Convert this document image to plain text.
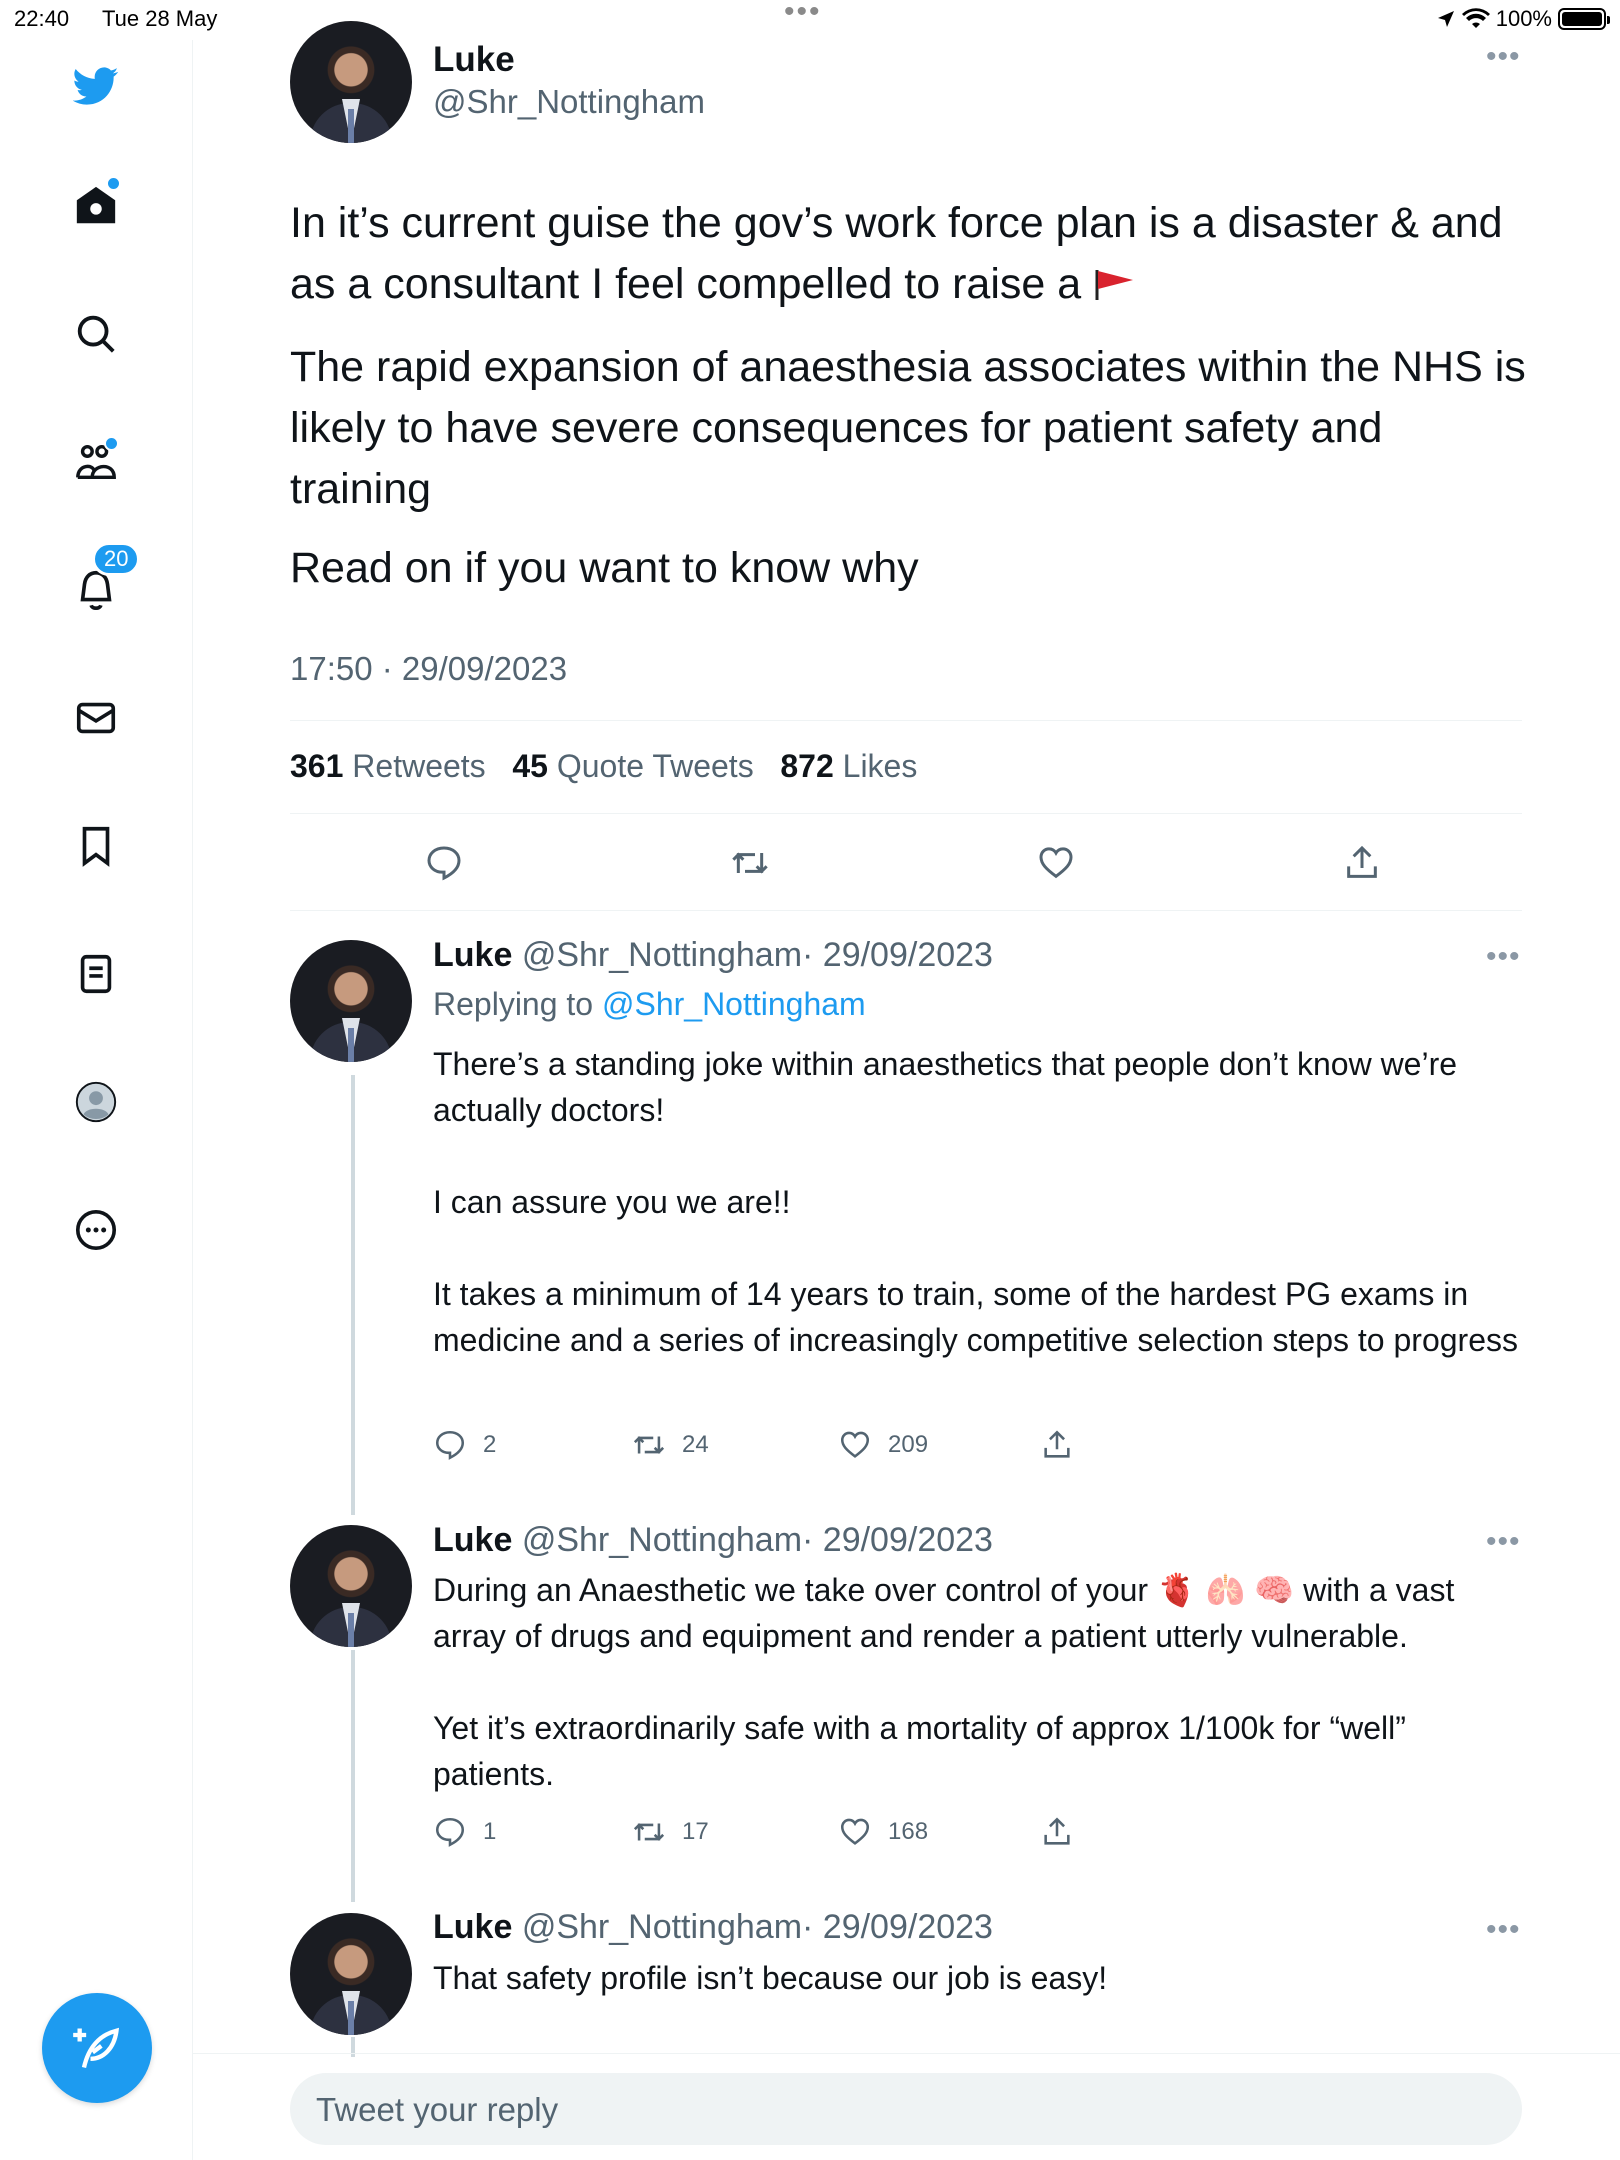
22:40 Tue 28 May	•••	100%
20
Luke
@Shr_Nottingham
•••

In it’s current guise the gov’s work force plan is a disaster & and as a consultant I feel compelled to raise a

The rapid expansion of anaesthesia associates within the NHS is likely to have severe consequences for patient safety and training

Read on if you want to know why

17:50 · 29/09/2023
361 Retweets 45 Quote Tweets 872 Likes
Luke @Shr_Nottingham· 29/09/2023	•••
Replying to @Shr_Nottingham

There’s a standing joke within anaesthetics that people don’t know we’re actually doctors!

I can assure you we are!!

It takes a minimum of 14 years to train, some of the hardest PG exams in medicine and a series of increasingly competitive selection steps to progress

2	24	209
Luke @Shr_Nottingham· 29/09/2023	•••

During an Anaesthetic we take over control of your 🫀 🫁 🧠 with a vast array of drugs and equipment and render a patient utterly vulnerable.

Yet it’s extraordinarily safe with a mortality of approx 1/100k for “well” patients.

1	17	168
Luke @Shr_Nottingham· 29/09/2023	•••

That safety profile isn’t because our job is easy!

Tweet your reply
